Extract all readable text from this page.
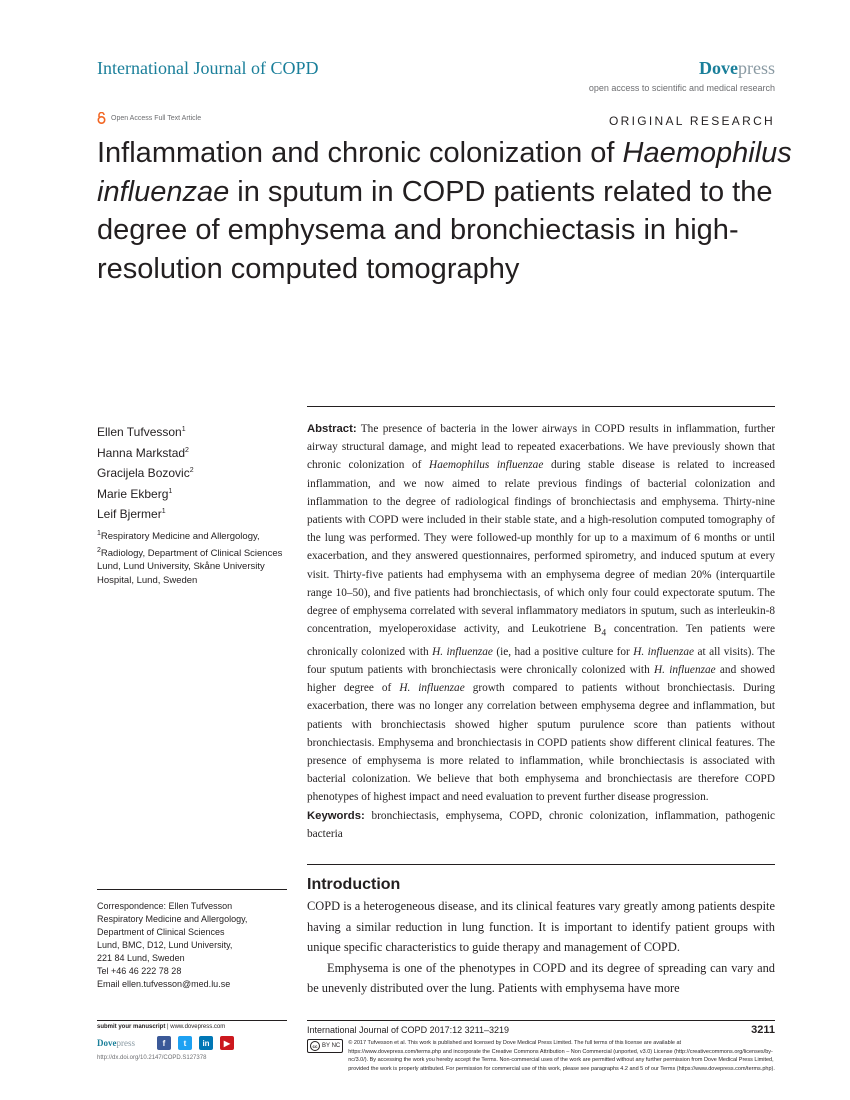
International Journal of COPD	Dovepress
open access to scientific and medical research
Open Access Full Text Article	ORIGINAL RESEARCH
Inflammation and chronic colonization of Haemophilus influenzae in sputum in COPD patients related to the degree of emphysema and bronchiectasis in high-resolution computed tomography
Ellen Tufvesson$^1$
Hanna Markstad$^2$
Gracijela Bozovic$^2$
Marie Ekberg$^1$
Leif Bjermer$^1$
$^1$Respiratory Medicine and Allergology, $^2$Radiology, Department of Clinical Sciences Lund, Lund University, Skåne University Hospital, Lund, Sweden
Correspondence: Ellen Tufvesson
Respiratory Medicine and Allergology,
Department of Clinical Sciences
Lund, BMC, D12, Lund University,
221 84 Lund, Sweden
Tel +46 46 222 78 28
Email ellen.tufvesson@med.lu.se

Abstract: The presence of bacteria in the lower airways in COPD results in inflammation, further airway structural damage, and might lead to repeated exacerbations. We have previously shown that chronic colonization of Haemophilus influenzae during stable disease is related to increased inflammation, and we now aimed to relate previous findings of bacterial colonization and inflammation to the degree of radiological findings of bronchiectasis and emphysema. Thirty-nine patients with COPD were included in their stable state, and a high-resolution computed tomography of the lung was performed. They were followed-up monthly for up to a maximum of 6 months or until exacerbation, and they answered questionnaires, performed spirometry, and induced sputum at every visit. Thirty-five patients had emphysema with an emphysema degree of median 20% (interquartile range 10–50), and five patients had bronchiectasis, of which only four could expectorate sputum. The degree of emphysema correlated with several inflammatory mediators in sputum, such as interleukin-8 concentration, myeloperoxidase activity, and Leukotriene $B_4$ concentration. Ten patients were chronically colonized with H. influenzae (ie, had a positive culture for H. influenzae at all visits). The four sputum patients with bronchiectasis were chronically colonized with H. influenzae and showed higher degree of H. influenzae growth compared to patients without bronchiectasis. During exacerbation, there was no longer any correlation between emphysema degree and inflammation, but patients with bronchiectasis showed higher sputum purulence score than patients without bronchiectasis. Emphysema and bronchiectasis in COPD patients show different clinical features. The presence of emphysema is more related to inflammation, while bronchiectasis is associated with bacterial colonization. We believe that both emphysema and bronchiectasis are therefore COPD phenotypes of highest impact and need evaluation to prevent further disease progression.

Keywords: bronchiectasis, emphysema, COPD, chronic colonization, inflammation, pathogenic bacteria

Introduction

COPD is a heterogeneous disease, and its clinical features vary greatly among patients despite having a similar reduction in lung function. It is important to identify patient groups with unique specific characteristics to guide therapy and management of COPD.

Emphysema is one of the phenotypes in COPD and its degree of spreading can vary and be unevenly distributed over the lung. Patients with emphysema have more

submit your manuscript | www.dovepress.com
Dovepress	f	t	in	▶
http://dx.doi.org/10.2147/COPD.S127378
International Journal of COPD 2017:12 3211–3219	3211
cc BY NC © 2017 Tufvesson et al. This work is published and licensed by Dove Medical Press Limited. The full terms of this license are available at https://www.dovepress.com/terms.php and incorporate the Creative Commons Attribution – Non Commercial (unported, v3.0) License (http://creativecommons.org/licenses/by-nc/3.0/). By accessing the work you hereby accept the Terms. Non-commercial uses of the work are permitted without any further permission from Dove Medical Press Limited, provided the work is properly attributed. For permission for commercial use of this work, please see paragraphs 4.2 and 5 of our Terms (https://www.dovepress.com/terms.php).
